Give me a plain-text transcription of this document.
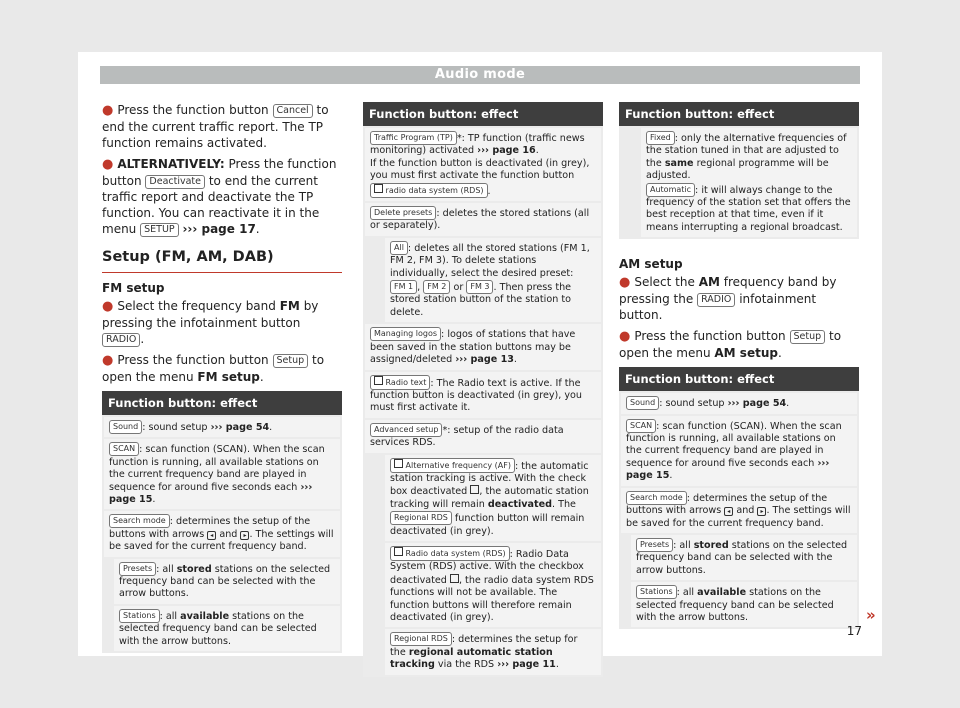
Audio mode

● Press the function button Cancel to end the current traffic report. The TP function remains activated.

● ALTERNATIVELY: Press the function button Deactivate to end the current traffic report and deactivate the TP function. You can reactivate it in the menu SETUP ››› page 17.

Setup (FM, AM, DAB)
FM setup

● Select the frequency band FM by pressing the infotainment button RADIO .

● Press the function button Setup to open the menu FM setup.

Function button: effect
Sound : sound setup ››› page 54.
SCAN : scan function (SCAN). When the scan function is running, all available stations on the current frequency band are played in sequence for around five seconds each ››› page 15.
Search mode : determines the setup of the buttons with arrows ◂ and ▸ . The settings will be saved for the current frequency band.
Presets : all stored stations on the selected frequency band can be selected with the arrow buttons.
Stations : all available stations on the selected frequency band can be selected with the arrow buttons.
Function button: effect
Traffic Program (TP) *: TP function (traffic news monitoring) activated ››› page 16.
If the function button is deactivated (in grey), you must first activate the function button  radio data system (RDS) .
Delete presets : deletes the stored stations (all or separately).
All : deletes all the stored stations (FM 1, FM 2, FM 3). To delete stations individually, select the desired preset: FM 1 , FM 2 or FM 3 . Then press the stored station button of the station to delete.
Managing logos : logos of stations that have been saved in the station buttons may be assigned/deleted ››› page 13.
Radio text : The Radio text is active. If the function button is deactivated (in grey), you must first activate it.
Advanced setup *: setup of the radio data services RDS.
Alternative frequency (AF) : the automatic station tracking is active. With the check box deactivated , the automatic station tracking will remain deactivated. The Regional RDS function button will remain deactivated (in grey).
Radio data system (RDS) : Radio Data System (RDS) active. With the checkbox deactivated , the radio data system RDS functions will not be available. The function buttons will therefore remain deactivated (in grey).
Regional RDS : determines the setup for the regional automatic station tracking via the RDS ››› page 11.
Function button: effect
Fixed : only the alternative frequencies of the station tuned in that are adjusted to the same regional programme will be adjusted.
Automatic : it will always change to the frequency of the station set that offers the best reception at that time, even if it means interrupting a regional broadcast.
AM setup

● Select the AM frequency band by pressing the RADIO infotainment button.

● Press the function button Setup to open the menu AM setup.

Function button: effect
Sound : sound setup ››› page 54.
SCAN : scan function (SCAN). When the scan function is running, all available stations on the current frequency band are played in sequence for around five seconds each ››› page 15.
Search mode : determines the setup of the buttons with arrows ◂ and ▸ . The settings will be saved for the current frequency band.
Presets : all stored stations on the selected frequency band can be selected with the arrow buttons.
Stations : all available stations on the selected frequency band can be selected with the arrow buttons.	»
17
